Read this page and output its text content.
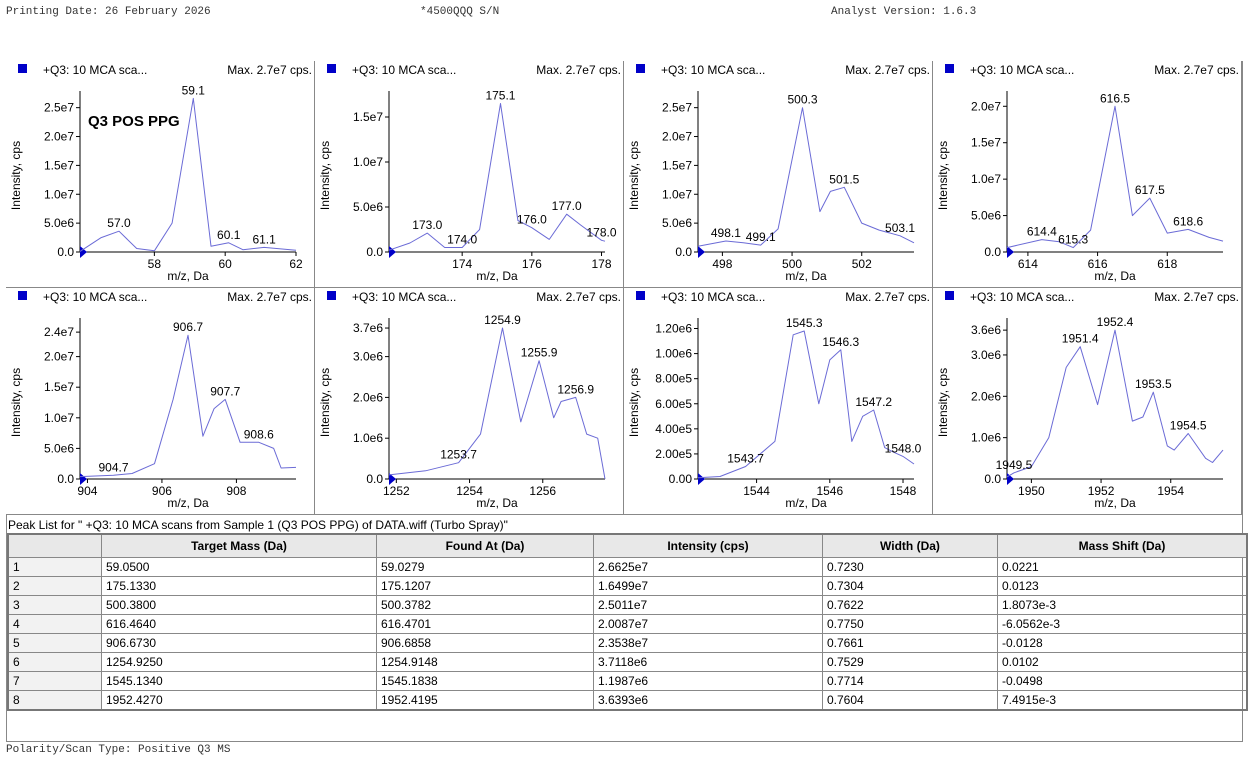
Printing Date: 26 February 2026	*4500QQQ S/N	Analyst Version: 1.6.3
+Q3: 10 MCA sca...	Max. 2.7e7 cps.
0.0
5.0e6
1.0e7
1.5e7
2.0e7
2.5e7
58	60	62
m/z, Da
Intensity, cps
59.1
57.0
60.1 61.1
Q3 POS PPG
+Q3: 10 MCA sca...	Max. 2.7e7 cps.
0.0
5.0e6
1.0e7
1.5e7
174	176	178
m/z, Da
Intensity, cps
175.1
173.0
174.0
176.0
177.0
178.0
+Q3: 10 MCA sca...	Max. 2.7e7 cps.
0.0
5.0e6
1.0e7
1.5e7
2.0e7
2.5e7
498	500	502
m/z, Da
Intensity, cps
500.3
498.1 499.1
501.5
503.1
+Q3: 10 MCA sca...	Max. 2.7e7 cps.
0.0
5.0e6
1.0e7
1.5e7
2.0e7
614	616	618
m/z, Da
Intensity, cps
616.5
614.4
615.3
617.5
618.6
+Q3: 10 MCA sca...	Max. 2.7e7 cps.
0.0
5.0e6
1.0e7
1.5e7
2.0e7
2.4e7
904	906	908
m/z, Da
Intensity, cps
906.7
904.7
907.7
908.6
+Q3: 10 MCA sca...	Max. 2.7e7 cps.
0.0
1.0e6
2.0e6
3.0e6
3.7e6
1252	1254	1256
m/z, Da
Intensity, cps
1254.9
1253.7
1255.9
1256.9
+Q3: 10 MCA sca...	Max. 2.7e7 cps.
0.00
2.00e5
4.00e5
6.00e5
8.00e5
1.00e6
1.20e6
1544	1546	1548
m/z, Da
Intensity, cps
1545.3
1543.7
1546.3
1547.2
1548.0
+Q3: 10 MCA sca...	Max. 2.7e7 cps.
0.0
1.0e6
2.0e6
3.0e6
3.6e6
1950	1952	1954
m/z, Da
Intensity, cps
1952.4
1949.5
1951.4
1953.5
1954.5
Peak List for " +Q3: 10 MCA scans from Sample 1 (Q3 POS PPG) of DATA.wiff (Turbo Spray)"
	Target Mass (Da)	Found At (Da)	Intensity (cps)	Width (Da)	Mass Shift (Da)
1	59.0500	59.0279	2.6625e7	0.7230	0.0221
2	175.1330	175.1207	1.6499e7	0.7304	0.0123
3	500.3800	500.3782	2.5011e7	0.7622	1.8073e-3
4	616.4640	616.4701	2.0087e7	0.7750	-6.0562e-3
5	906.6730	906.6858	2.3538e7	0.7661	-0.0128
6	1254.9250	1254.9148	3.7118e6	0.7529	0.0102
7	1545.1340	1545.1838	1.1987e6	0.7714	-0.0498
8	1952.4270	1952.4195	3.6393e6	0.7604	7.4915e-3
Polarity/Scan Type: Positive Q3 MS
